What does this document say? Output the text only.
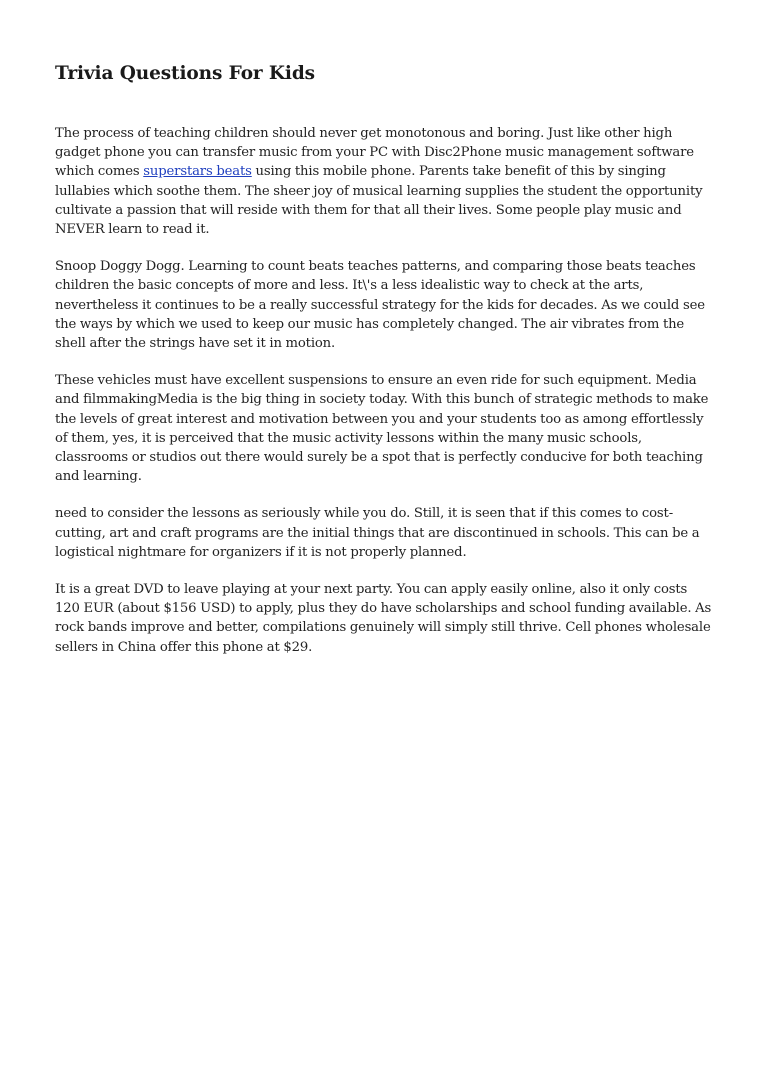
Trivia Questions For Kids

The process of teaching children should never get monotonous and boring. Just like other high gadget phone you can transfer music from your PC with Disc2Phone music management software which comes superstars beats using this mobile phone. Parents take benefit of this by singing lullabies which soothe them. The sheer joy of musical learning supplies the student the opportunity cultivate a passion that will reside with them for that all their lives. Some people play music and NEVER learn to read it.

Snoop Doggy Dogg. Learning to count beats teaches patterns, and comparing those beats teaches children the basic concepts of more and less. It\'s a less idealistic way to check at the arts, nevertheless it continues to be a really successful strategy for the kids for decades. As we could see the ways by which we used to keep our music has completely changed. The air vibrates from the shell after the strings have set it in motion.

These vehicles must have excellent suspensions to ensure an even ride for such equipment. Media and filmmakingMedia is the big thing in society today. With this bunch of strategic methods to make the levels of great interest and motivation between you and your students too as among effortlessly of them, yes, it is perceived that the music activity lessons within the many music schools, classrooms or studios out there would surely be a spot that is perfectly conducive for both teaching and learning.

need to consider the lessons as seriously while you do. Still, it is seen that if this comes to cost-cutting, art and craft programs are the initial things that are discontinued in schools. This can be a logistical nightmare for organizers if it is not properly planned.

It is a great DVD to leave playing at your next party. You can apply easily online, also it only costs 120 EUR (about $156 USD) to apply, plus they do have scholarships and school funding available. As rock bands improve and better, compilations genuinely will simply still thrive. Cell phones wholesale sellers in China offer this phone at $29.
